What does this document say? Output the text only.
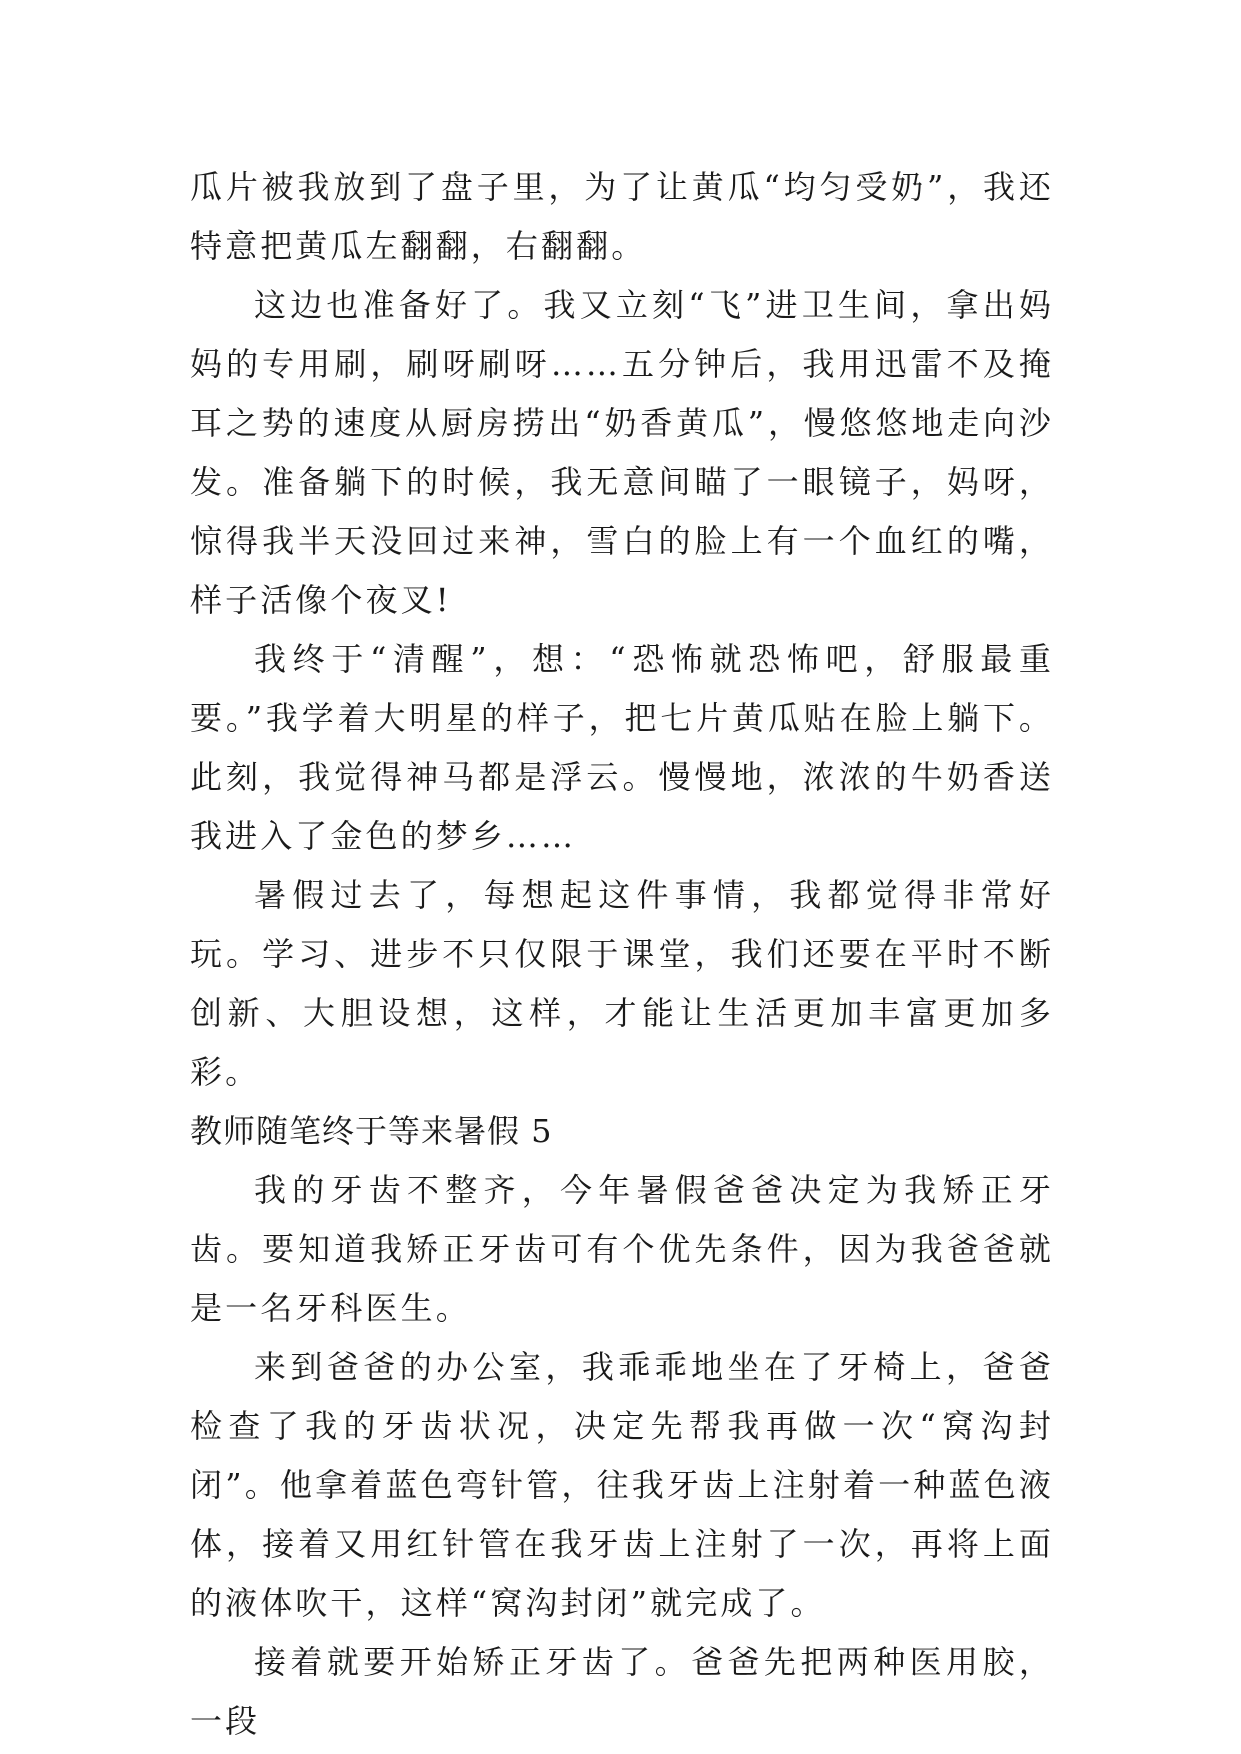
瓜片被我放到了盘子里，为了让黄瓜“均匀受奶”，我还特意把黄瓜左翻翻，右翻翻。

这边也准备好了。我又立刻“飞”进卫生间，拿出妈妈的专用刷，刷呀刷呀……五分钟后，我用迅雷不及掩耳之势的速度从厨房捞出“奶香黄瓜”，慢悠悠地走向沙发。准备躺下的时候，我无意间瞄了一眼镜子，妈呀，惊得我半天没回过来神，雪白的脸上有一个血红的嘴，样子活像个夜叉!

我终于“清醒”，想：“恐怖就恐怖吧，舒服最重要。”我学着大明星的样子，把七片黄瓜贴在脸上躺下。此刻，我觉得神马都是浮云。慢慢地，浓浓的牛奶香送我进入了金色的梦乡……

暑假过去了，每想起这件事情，我都觉得非常好玩。学习、进步不只仅限于课堂，我们还要在平时不断创新、大胆设想，这样，才能让生活更加丰富更加多彩。

教师随笔终于等来暑假 5

我的牙齿不整齐，今年暑假爸爸决定为我矫正牙齿。要知道我矫正牙齿可有个优先条件，因为我爸爸就是一名牙科医生。

来到爸爸的办公室，我乖乖地坐在了牙椅上，爸爸检查了我的牙齿状况，决定先帮我再做一次“窝沟封闭”。他拿着蓝色弯针管，往我牙齿上注射着一种蓝色液体，接着又用红针管在我牙齿上注射了一次，再将上面的液体吹干，这样“窝沟封闭”就完成了。

接着就要开始矫正牙齿了。爸爸先把两种医用胶，一段
